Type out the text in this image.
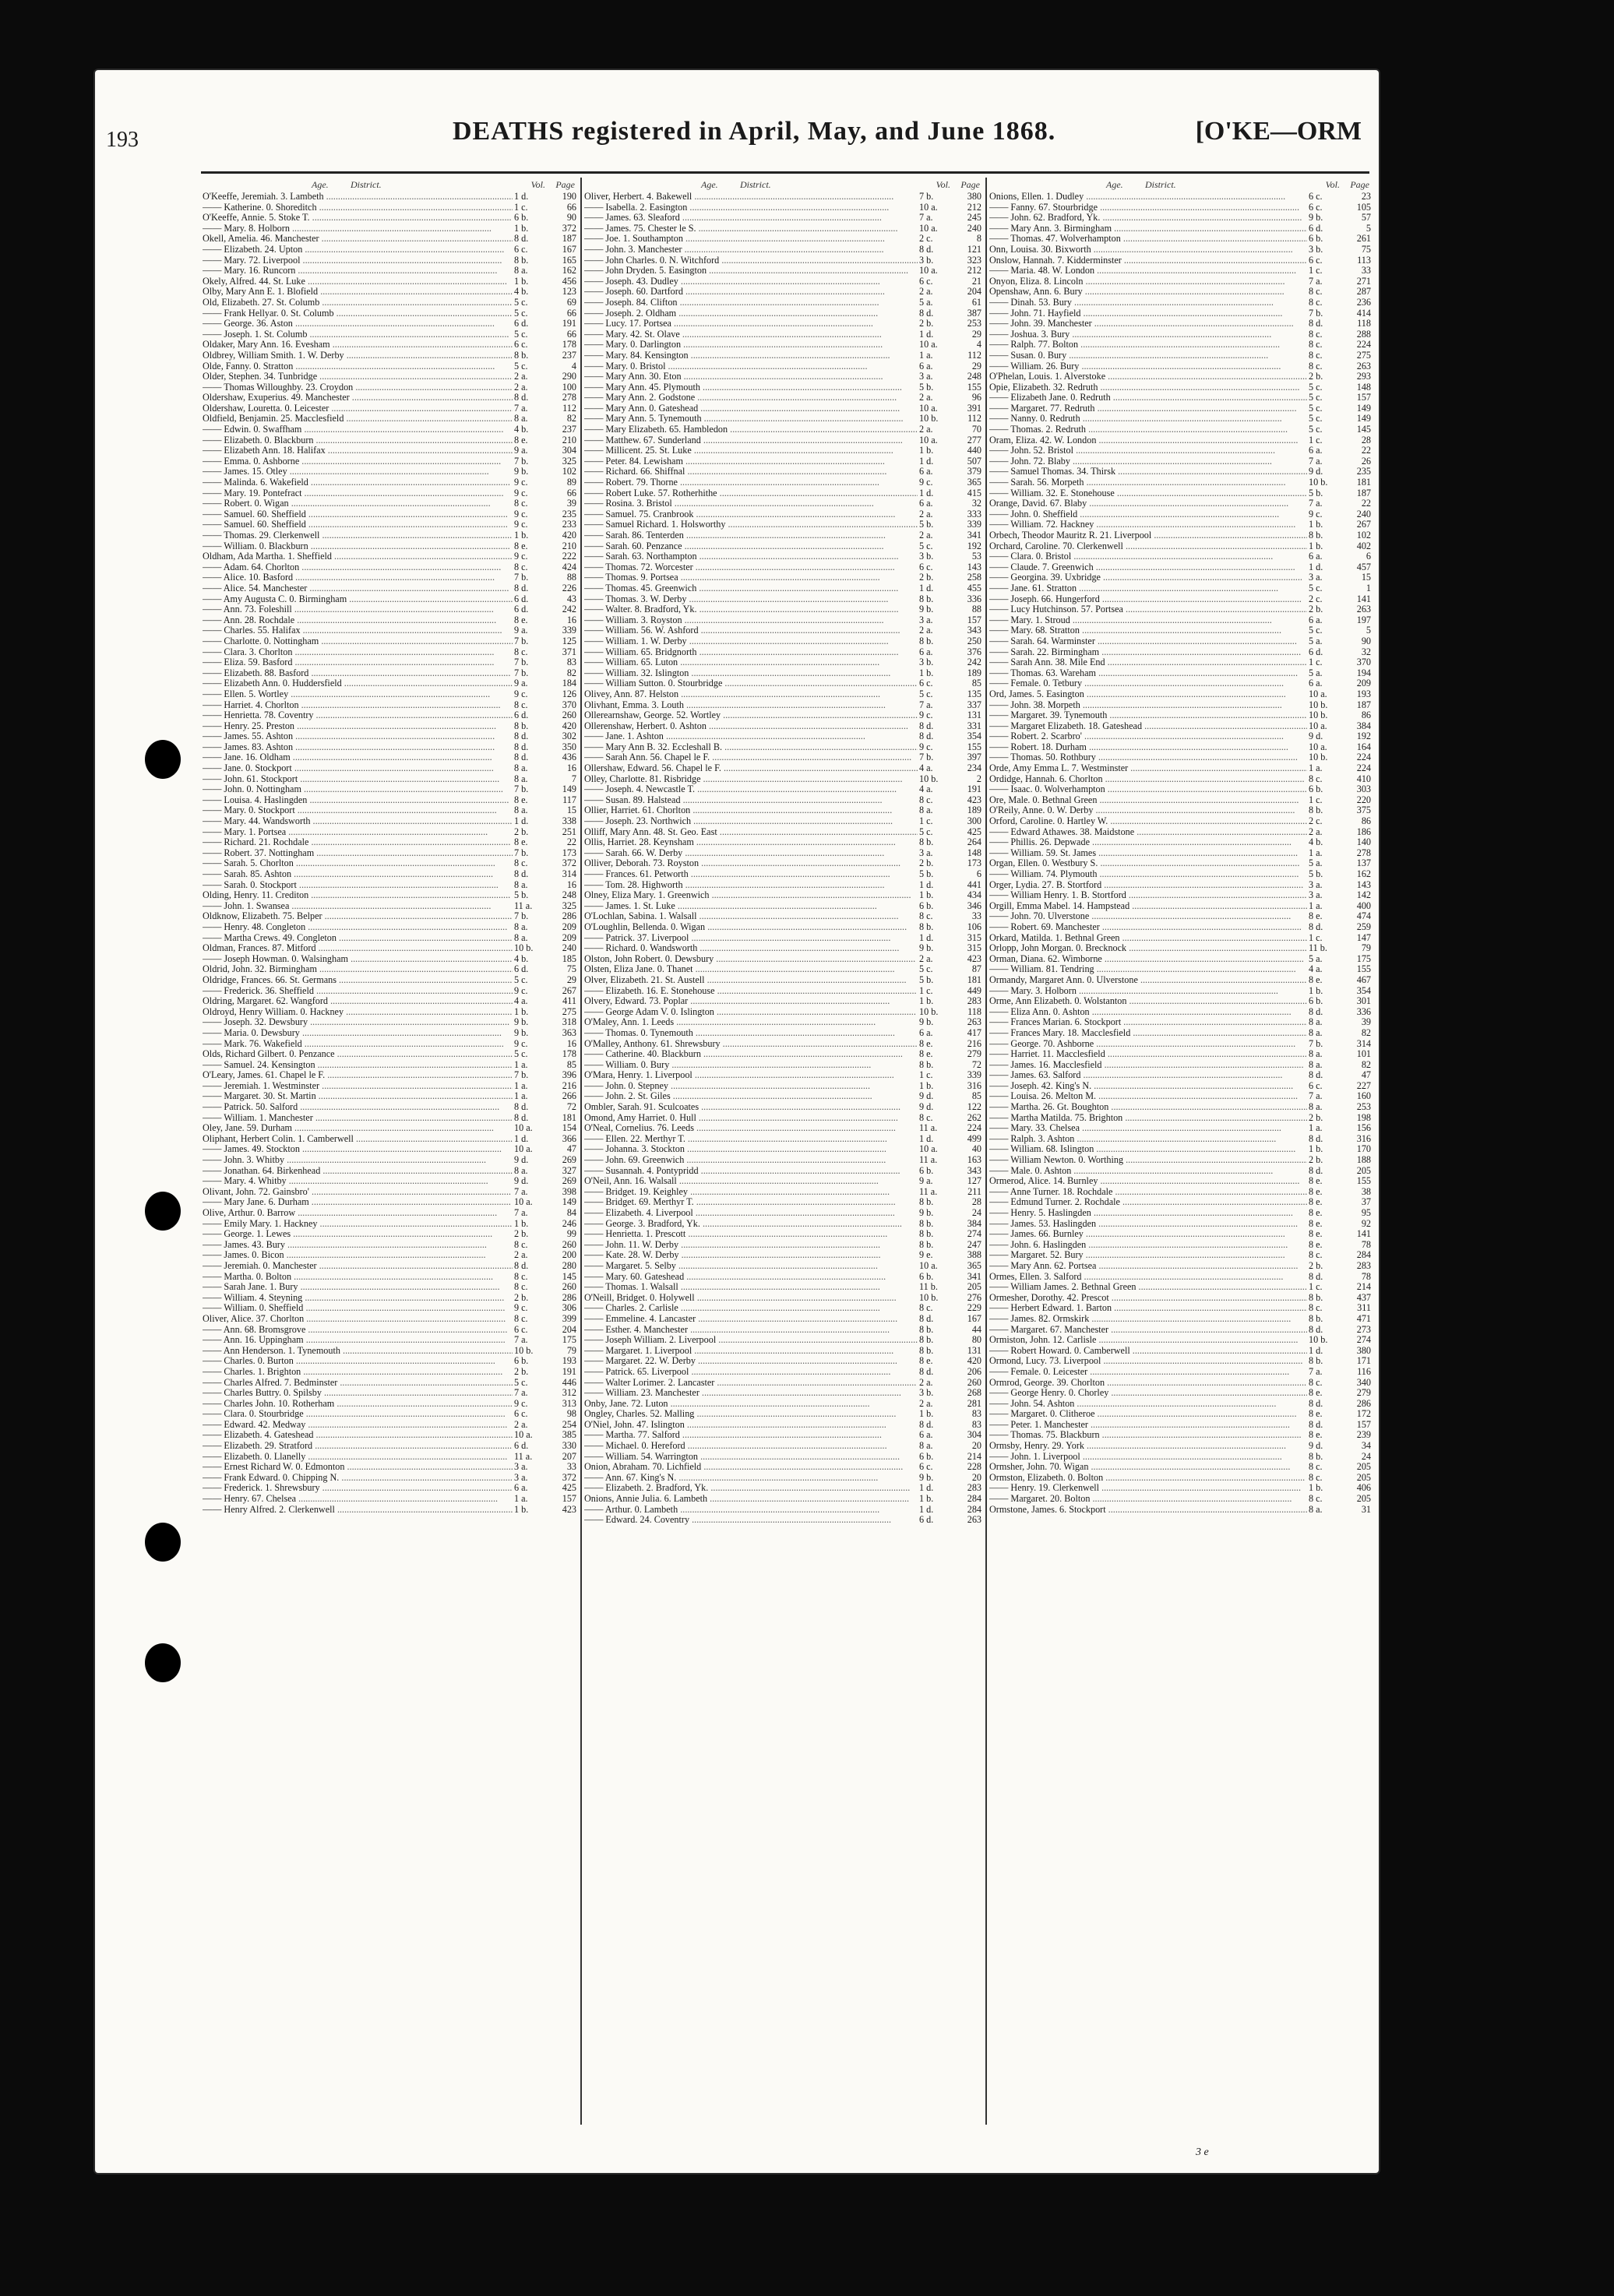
193	DEATHS registered in April, May, and June 1868.	[O'KE—ORM
Age. District.	Vol. Page
O'Keeffe, Jeremiah. 3. Lambeth .....	1 d.	190
—— Katherine. 0. Shoreditch .....	1 c.	66
O'Keeffe, Annie. 5. Stoke T. .....	6 b.	90
—— Mary. 8. Holborn .....	1 b.	372
Okell, Amelia. 46. Manchester .....	8 d.	187
—— Elizabeth. 24. Upton .....	6 c.	167
—— Mary. 72. Liverpool .....	8 b.	165
—— Mary. 16. Runcorn .....	8 a.	162
Okely, Alfred. 44. St. Luke .....	1 b.	456
Olby, Mary Ann E. 1. Blofield .....	4 b.	123
Old, Elizabeth. 27. St. Columb .....	5 c.	69
—— Frank Hellyar. 0. St. Columb .....	5 c.	66
—— George. 36. Aston .....	6 d.	191
—— Joseph. 1. St. Columb .....	5 c.	66
Oldaker, Mary Ann. 16. Evesham .....	6 c.	178
Oldbrey, William Smith. 1. W. Derby .....	8 b.	237
Olde, Fanny. 0. Stratton .....	5 c.	4
Older, Stephen. 34. Tunbridge .....	2 a.	290
—— Thomas Willoughby. 23. Croydon .....	2 a.	100
Oldershaw, Exuperius. 49. Manchester .....	8 d.	278
Oldershaw, Louretta. 0. Leicester .....	7 a.	112
Oldfield, Benjamin. 25. Macclesfield .....	8 a.	82
—— Edwin. 0. Swaffham .....	4 b.	237
—— Elizabeth. 0. Blackburn .....	8 e.	210
—— Elizabeth Ann. 18. Halifax .....	9 a.	304
—— Emma. 0. Ashborne .....	7 b.	325
—— James. 15. Otley .....	9 b.	102
—— Malinda. 6. Wakefield .....	9 c.	89
—— Mary. 19. Pontefract .....	9 c.	66
—— Robert. 0. Wigan .....	8 c.	39
—— Samuel. 60. Sheffield .....	9 c.	235
—— Samuel. 60. Sheffield .....	9 c.	233
—— Thomas. 29. Clerkenwell .....	1 b.	420
—— William. 0. Blackburn .....	8 e.	210
Oldham, Ada Martha. 1. Sheffield .....	9 c.	222
—— Adam. 64. Chorlton .....	8 c.	424
—— Alice. 10. Basford .....	7 b.	88
—— Alice. 54. Manchester .....	8 d.	226
—— Amy Augusta C. 0. Birmingham .....	6 d.	43
—— Ann. 73. Foleshill .....	6 d.	242
—— Ann. 28. Rochdale .....	8 e.	16
—— Charles. 55. Halifax .....	9 a.	339
—— Charlotte. 0. Nottingham .....	7 b.	125
—— Clara. 3. Chorlton .....	8 c.	371
—— Eliza. 59. Basford .....	7 b.	83
—— Elizabeth. 88. Basford .....	7 b.	82
—— Elizabeth Ann. 0. Huddersfield .....	9 a.	184
—— Ellen. 5. Wortley .....	9 c.	126
—— Harriet. 4. Chorlton .....	8 c.	370
—— Henrietta. 78. Coventry .....	6 d.	260
—— Henry. 25. Preston .....	8 b.	420
—— James. 55. Ashton .....	8 d.	302
—— James. 83. Ashton .....	8 d.	350
—— Jane. 16. Oldham .....	8 d.	436
—— Jane. 0. Stockport .....	8 a.	16
—— John. 61. Stockport .....	8 a.	7
—— John. 0. Nottingham .....	7 b.	149
—— Louisa. 4. Haslingden .....	8 e.	117
—— Mary. 0. Stockport .....	8 a.	15
—— Mary. 44. Wandsworth .....	1 d.	338
—— Mary. 1. Portsea .....	2 b.	251
—— Richard. 21. Rochdale .....	8 e.	22
—— Robert. 37. Nottingham .....	7 b.	173
—— Sarah. 5. Chorlton .....	8 c.	372
—— Sarah. 85. Ashton .....	8 d.	314
—— Sarah. 0. Stockport .....	8 a.	16
Olding, Henry. 11. Crediton .....	5 b.	248
—— John. 1. Swansea .....	11 a.	325
Oldknow, Elizabeth. 75. Belper .....	7 b.	286
—— Henry. 48. Congleton .....	8 a.	209
—— Martha Crews. 49. Congleton .....	8 a.	209
Oldman, Frances. 87. Mitford .....	10 b.	240
—— Joseph Howman. 0. Walsingham .....	4 b.	185
Oldrid, John. 32. Birmingham .....	6 d.	75
Oldridge, Frances. 66. St. Germans .....	5 c.	29
—— Frederick. 36. Sheffield .....	9 c.	267
Oldring, Margaret. 62. Wangford .....	4 a.	411
Oldroyd, Henry William. 0. Hackney .....	1 b.	275
—— Joseph. 32. Dewsbury .....	9 b.	318
—— Maria. 0. Dewsbury .....	9 b.	363
—— Mark. 76. Wakefield .....	9 c.	16
Olds, Richard Gilbert. 0. Penzance .....	5 c.	178
—— Samuel. 24. Kensington .....	1 a.	85
O'Leary, James. 61. Chapel le F. .....	7 b.	396
—— Jeremiah. 1. Westminster .....	1 a.	216
—— Margaret. 30. St. Martin .....	1 a.	266
—— Patrick. 50. Salford .....	8 d.	72
—— William. 1. Manchester .....	8 d.	181
Oley, Jane. 59. Durham .....	10 a.	154
Oliphant, Herbert Colin. 1. Camberwell .....	1 d.	366
—— James. 49. Stockton .....	10 a.	47
—— John. 3. Whitby .....	9 d.	269
—— Jonathan. 64. Birkenhead .....	8 a.	327
—— Mary. 4. Whitby .....	9 d.	269
Olivant, John. 72. Gainsbro' .....	7 a.	398
—— Mary Jane. 6. Durham .....	10 a.	149
Olive, Arthur. 0. Barrow .....	7 a.	84
—— Emily Mary. 1. Hackney .....	1 b.	246
—— George. 1. Lewes .....	2 b.	99
—— James. 43. Bury .....	8 c.	260
—— James. 0. Bicon .....	2 a.	200
—— Jeremiah. 0. Manchester .....	8 d.	280
—— Martha. 0. Bolton .....	8 c.	145
—— Sarah Jane. 1. Bury .....	8 c.	260
—— William. 4. Steyning .....	2 b.	286
—— William. 0. Sheffield .....	9 c.	306
Oliver, Alice. 37. Chorlton .....	8 c.	399
—— Ann. 68. Bromsgrove .....	6 c.	204
—— Ann. 16. Uppingham .....	7 a.	175
—— Ann Henderson. 1. Tynemouth .....	10 b.	79
—— Charles. 0. Burton .....	6 b.	193
—— Charles. 1. Brighton .....	2 b.	191
—— Charles Alfred. 7. Bedminster .....	5 c.	446
—— Charles Buttry. 0. Spilsby .....	7 a.	312
—— Charles John. 10. Rotherham .....	9 c.	313
—— Clara. 0. Stourbridge .....	6 c.	98
—— Edward. 42. Medway .....	2 a.	254
—— Elizabeth. 4. Gateshead .....	10 a.	385
—— Elizabeth. 29. Stratford .....	6 d.	330
—— Elizabeth. 0. Llanelly .....	11 a.	207
—— Ernest Richard W. 0. Edmonton .....	3 a.	33
—— Frank Edward. 0. Chipping N. .....	3 a.	372
—— Frederick. 1. Shrewsbury .....	6 a.	425
—— Henry. 67. Chelsea .....	1 a.	157
—— Henry Alfred. 2. Clerkenwell .....	1 b.	423
Age. District.	Vol. Page
Oliver, Herbert. 4. Bakewell .....	7 b.	380
—— Isabella. 2. Easington .....	10 a.	212
—— James. 63. Sleaford .....	7 a.	245
—— James. 75. Chester le S. .....	10 a.	240
—— Joe. 1. Southampton .....	2 c.	8
—— John. 3. Manchester .....	8 d.	121
—— John Charles. 0. N. Witchford .....	3 b.	323
—— John Dryden. 5. Easington .....	10 a.	212
—— Joseph. 43. Dudley .....	6 c.	21
—— Joseph. 60. Dartford .....	2 a.	204
—— Joseph. 84. Clifton .....	5 a.	61
—— Joseph. 2. Oldham .....	8 d.	387
—— Lucy. 17. Portsea .....	2 b.	253
—— Mary. 42. St. Olave .....	1 d.	29
—— Mary. 0. Darlington .....	10 a.	4
—— Mary. 84. Kensington .....	1 a.	112
—— Mary. 0. Bristol .....	6 a.	29
—— Mary Ann. 30. Eton .....	3 a.	248
—— Mary Ann. 45. Plymouth .....	5 b.	155
—— Mary Ann. 2. Godstone .....	2 a.	96
—— Mary Ann. 0. Gateshead .....	10 a.	391
—— Mary Ann. 5. Tynemouth .....	10 b.	112
—— Mary Elizabeth. 65. Hambledon .....	2 a.	70
—— Matthew. 67. Sunderland .....	10 a.	277
—— Millicent. 25. St. Luke .....	1 b.	440
—— Peter. 84. Lewisham .....	1 d.	507
—— Richard. 66. Shiffnal .....	6 a.	379
—— Robert. 79. Thorne .....	9 c.	365
—— Robert Luke. 57. Rotherhithe .....	1 d.	415
—— Rosina. 3. Bristol .....	6 a.	32
—— Samuel. 75. Cranbrook .....	2 a.	333
—— Samuel Richard. 1. Holsworthy .....	5 b.	339
—— Sarah. 86. Tenterden .....	2 a.	341
—— Sarah. 60. Penzance .....	5 c.	192
—— Sarah. 63. Northampton .....	3 b.	53
—— Thomas. 72. Worcester .....	6 c.	143
—— Thomas. 9. Portsea .....	2 b.	258
—— Thomas. 45. Greenwich .....	1 d.	455
—— Thomas. 3. W. Derby .....	8 b.	336
—— Walter. 8. Bradford, Yk. .....	9 b.	88
—— William. 3. Royston .....	3 a.	157
—— William. 56. W. Ashford .....	2 a.	343
—— William. 1. W. Derby .....	8 b.	250
—— William. 65. Bridgnorth .....	6 a.	376
—— William. 65. Luton .....	3 b.	242
—— William. 32. Islington .....	1 b.	189
—— William Sutton. 0. Stourbridge .....	6 c.	85
Olivey, Ann. 87. Helston .....	5 c.	135
Olivhant, Emma. 3. Louth .....	7 a.	337
Ollerearnshaw, George. 52. Wortley .....	9 c.	131
Ollerenshaw, Herbert. 0. Ashton .....	8 d.	331
—— Jane. 1. Ashton .....	8 d.	354
—— Mary Ann B. 32. Eccleshall B. .....	9 c.	155
—— Sarah Ann. 56. Chapel le F. .....	7 b.	397
Ollershaw, Edward. 56. Chapel le F. .....	4 a.	234
Olley, Charlotte. 81. Risbridge .....	10 b.	2
—— Joseph. 4. Newcastle T. .....	4 a.	191
—— Susan. 89. Halstead .....	8 c.	423
Ollier, Harriet. 61. Chorlton .....	8 a.	189
—— Joseph. 23. Northwich .....	1 c.	300
Olliff, Mary Ann. 48. St. Geo. East .....	5 c.	425
Ollis, Harriet. 28. Keynsham .....	8 b.	264
—— Sarah. 66. W. Derby .....	3 a.	148
Olliver, Deborah. 73. Royston .....	2 b.	173
—— Frances. 61. Petworth .....	5 b.	6
—— Tom. 28. Highworth .....	1 d.	441
Olney, Eliza Mary. 1. Greenwich .....	1 b.	434
—— James. 1. St. Luke .....	6 b.	346
O'Lochlan, Sabina. 1. Walsall .....	8 c.	33
O'Loughlin, Bellenda. 0. Wigan .....	8 b.	106
—— Patrick. 37. Liverpool .....	1 d.	315
—— Richard. 0. Wandsworth .....	9 b.	315
Olston, John Robert. 0. Dewsbury .....	2 a.	423
Olsten, Eliza Jane. 0. Thanet .....	5 c.	87
Olver, Elizabeth. 21. St. Austell .....	5 b.	181
—— Elizabeth. 16. E. Stonehouse .....	1 c.	449
Olvery, Edward. 73. Poplar .....	1 b.	283
—— George Adam V. 0. Islington .....	10 b.	118
O'Maley, Ann. 1. Leeds .....	9 b.	263
—— Thomas. 0. Tynemouth .....	6 a.	417
O'Malley, Anthony. 61. Shrewsbury .....	8 e.	216
—— Catherine. 40. Blackburn .....	8 e.	279
—— William. 0. Bury .....	8 b.	72
O'Mara, Henry. 1. Liverpool .....	1 c.	339
—— John. 0. Stepney .....	1 b.	316
—— John. 2. St. Giles .....	9 d.	85
Ombler, Sarah. 91. Sculcoates .....	9 d.	122
Omond, Amy Harriet. 0. Hull .....	8 c.	262
O'Neal, Cornelius. 76. Leeds .....	11 a.	224
—— Ellen. 22. Merthyr T. .....	1 d.	499
—— Johanna. 3. Stockton .....	10 a.	40
—— John. 69. Greenwich .....	11 a.	163
—— Susannah. 4. Pontypridd .....	6 b.	343
O'Neil, Ann. 16. Walsall .....	9 a.	127
—— Bridget. 19. Keighley .....	11 a.	211
—— Bridget. 69. Merthyr T. .....	8 b.	28
—— Elizabeth. 4. Liverpool .....	9 b.	24
—— George. 3. Bradford, Yk. .....	8 b.	384
—— Henrietta. 1. Prescott .....	8 b.	274
—— John. 11. W. Derby .....	8 b.	247
—— Kate. 28. W. Derby .....	9 e.	388
—— Margaret. 5. Selby .....	10 a.	365
—— Mary. 60. Gateshead .....	6 b.	341
—— Thomas. 1. Walsall .....	11 b.	205
O'Neill, Bridget. 0. Holywell .....	10 b.	276
—— Charles. 2. Carlisle .....	8 c.	229
—— Emmeline. 4. Lancaster .....	8 d.	167
—— Esther. 4. Manchester .....	8 b.	44
—— Joseph William. 2. Liverpool .....	8 b.	80
—— Margaret. 1. Liverpool .....	8 b.	131
—— Margaret. 22. W. Derby .....	8 e.	420
—— Patrick. 65. Liverpool .....	8 d.	206
—— Walter Lorimer. 2. Lancaster .....	2 a.	260
—— William. 23. Manchester .....	3 b.	268
Onby, Jane. 72. Luton .....	2 a.	281
Ongley, Charles. 52. Malling .....	1 b.	83
O'Niel, John. 47. Islington .....	8 d.	83
—— Martha. 77. Salford .....	6 a.	304
—— Michael. 0. Hereford .....	8 a.	20
—— William. 54. Warrington .....	6 b.	214
Onion, Abraham. 70. Lichfield .....	6 c.	228
—— Ann. 67. King's N. .....	9 b.	20
—— Elizabeth. 2. Bradford, Yk. .....	1 d.	283
Onions, Annie Julia. 6. Lambeth .....	1 b.	284
—— Arthur. 0. Lambeth .....	1 d.	284
—— Edward. 24. Coventry .....	6 d.	263
Age. District.	Vol. Page
Onions, Ellen. 1. Dudley .....	6 c.	23
—— Fanny. 67. Stourbridge .....	6 c.	105
—— John. 62. Bradford, Yk. .....	9 b.	57
—— Mary Ann. 3. Birmingham .....	6 d.	5
—— Thomas. 47. Wolverhampton .....	6 b.	261
Onn, Louisa. 30. Bixworth .....	3 b.	75
Onslow, Hannah. 7. Kidderminster .....	6 c.	113
—— Maria. 48. W. London .....	1 c.	33
Onyon, Eliza. 8. Lincoln .....	7 a.	271
Openshaw, Ann. 6. Bury .....	8 c.	287
—— Dinah. 53. Bury .....	8 c.	236
—— John. 71. Hayfield .....	7 b.	414
—— John. 39. Manchester .....	8 d.	118
—— Joshua. 3. Bury .....	8 c.	288
—— Ralph. 77. Bolton .....	8 c.	224
—— Susan. 0. Bury .....	8 c.	275
—— William. 26. Bury .....	8 c.	263
O'Phelan, Louis. 1. Alverstoke .....	2 b.	293
Opie, Elizabeth. 32. Redruth .....	5 c.	148
—— Elizabeth Jane. 0. Redruth .....	5 c.	157
—— Margaret. 77. Redruth .....	5 c.	149
—— Nanny. 0. Redruth .....	5 c.	149
—— Thomas. 2. Redruth .....	5 c.	145
Oram, Eliza. 42. W. London .....	1 c.	28
—— John. 52. Bristol .....	6 a.	22
—— John. 72. Blaby .....	7 a.	26
—— Samuel Thomas. 34. Thirsk .....	9 d.	235
—— Sarah. 56. Morpeth .....	10 b.	181
—— William. 32. E. Stonehouse .....	5 b.	187
Orange, David. 67. Blaby .....	7 a.	22
—— John. 0. Sheffield .....	9 c.	240
—— William. 72. Hackney .....	1 b.	267
Orbech, Theodor Mauritz R. 21. Liverpool .....	8 b.	102
Orchard, Caroline. 70. Clerkenwell .....	1 b.	402
—— Clara. 0. Bristol .....	6 a.	6
—— Claude. 7. Greenwich .....	1 d.	457
—— Georgina. 39. Uxbridge .....	3 a.	15
—— Jane. 61. Stratton .....	5 c.	1
—— Joseph. 66. Hungerford .....	2 c.	141
—— Lucy Hutchinson. 57. Portsea .....	2 b.	263
—— Mary. 1. Stroud .....	6 a.	197
—— Mary. 68. Stratton .....	5 c.	5
—— Sarah. 64. Warminster .....	5 a.	90
—— Sarah. 22. Birmingham .....	6 d.	32
—— Sarah Ann. 38. Mile End .....	1 c.	370
—— Thomas. 63. Wareham .....	5 a.	194
—— Female. 0. Tetbury .....	6 a.	209
Ord, James. 5. Easington .....	10 a.	193
—— John. 38. Morpeth .....	10 b.	187
—— Margaret. 39. Tynemouth .....	10 b.	86
—— Margaret Elizabeth. 18. Gateshead .....	10 a.	384
—— Robert. 2. Scarbro' .....	9 d.	192
—— Robert. 18. Durham .....	10 a.	164
—— Thomas. 50. Rothbury .....	10 b.	224
Orde, Amy Emma L. 7. Westminster .....	1 a.	224
Ordidge, Hannah. 6. Chorlton .....	8 c.	410
—— Isaac. 0. Wolverhampton .....	6 b.	303
Ore, Male. 0. Bethnal Green .....	1 c.	220
O'Reily, Anne. 0. W. Derby .....	8 b.	375
Orford, Caroline. 0. Hartley W. .....	2 c.	86
—— Edward Athawes. 38. Maidstone .....	2 a.	186
—— Phillis. 26. Depwade .....	4 b.	140
—— William. 59. St. James .....	1 a.	278
Organ, Ellen. 0. Westbury S. .....	5 a.	137
—— William. 74. Plymouth .....	5 b.	162
Orger, Lydia. 27. B. Stortford .....	3 a.	143
—— William Henry. 1. B. Stortford .....	3 a.	142
Orgill, Emma Mabel. 14. Hampstead .....	1 a.	400
—— John. 70. Ulverstone .....	8 e.	474
—— Robert. 69. Manchester .....	8 d.	259
Orkard, Matilda. 1. Bethnal Green .....	1 c.	147
Orlopp, John Morgan. 0. Brecknock .....	11 b.	79
Orman, Diana. 62. Wimborne .....	5 a.	175
—— William. 81. Tendring .....	4 a.	155
Ormandy, Margaret Ann. 0. Ulverstone .....	8 e.	467
—— Mary. 3. Holborn .....	1 b.	354
Orme, Ann Elizabeth. 0. Wolstanton .....	6 b.	301
—— Eliza Ann. 0. Ashton .....	8 d.	336
—— Frances Marian. 6. Stockport .....	8 a.	39
—— Frances Mary. 18. Macclesfield .....	8 a.	82
—— George. 70. Ashborne .....	7 b.	314
—— Harriet. 11. Macclesfield .....	8 a.	101
—— James. 16. Macclesfield .....	8 a.	82
—— James. 63. Salford .....	8 d.	47
—— Joseph. 42. King's N. .....	6 c.	227
—— Louisa. 26. Melton M. .....	7 a.	160
—— Martha. 26. Gt. Boughton .....	8 a.	253
—— Martha Matilda. 75. Brighton .....	2 b.	198
—— Mary. 33. Chelsea .....	1 a.	156
—— Ralph. 3. Ashton .....	8 d.	316
—— William. 68. Islington .....	1 b.	170
—— William Newton. 0. Worthing .....	2 b.	188
—— Male. 0. Ashton .....	8 d.	205
Ormerod, Alice. 14. Burnley .....	8 e.	155
—— Anne Turner. 18. Rochdale .....	8 e.	38
—— Edmund Turner. 2. Rochdale .....	8 e.	37
—— Henry. 5. Haslingden .....	8 e.	95
—— James. 53. Haslingden .....	8 e.	92
—— James. 66. Burnley .....	8 e.	141
—— John. 6. Haslingden .....	8 e.	78
—— Margaret. 52. Bury .....	8 c.	284
—— Mary Ann. 62. Portsea .....	2 b.	283
Ormes, Ellen. 3. Salford .....	8 d.	78
—— William James. 2. Bethnal Green .....	1 c.	214
Ormesher, Dorothy. 42. Prescot .....	8 b.	437
—— Herbert Edward. 1. Barton .....	8 c.	311
—— James. 82. Ormskirk .....	8 b.	471
—— Margaret. 67. Manchester .....	8 d.	273
Ormiston, John. 12. Carlisle .....	10 b.	274
—— Robert Howard. 0. Camberwell .....	1 d.	380
Ormond, Lucy. 73. Liverpool .....	8 b.	171
—— Female. 0. Leicester .....	7 a.	116
Ormrod, George. 39. Chorlton .....	8 c.	340
—— George Henry. 0. Chorley .....	8 e.	279
—— John. 54. Ashton .....	8 d.	286
—— Margaret. 0. Clitheroe .....	8 e.	172
—— Peter. 1. Manchester .....	8 d.	157
—— Thomas. 75. Blackburn .....	8 e.	239
Ormsby, Henry. 29. York .....	9 d.	34
—— John. 1. Liverpool .....	8 b.	24
Ormsher, John. 70. Wigan .....	8 c.	205
Ormston, Elizabeth. 0. Bolton .....	8 c.	205
—— Henry. 19. Clerkenwell .....	1 b.	406
—— Margaret. 20. Bolton .....	8 c.	205
Ormstone, James. 6. Stockport .....	8 a.	31
3 e
